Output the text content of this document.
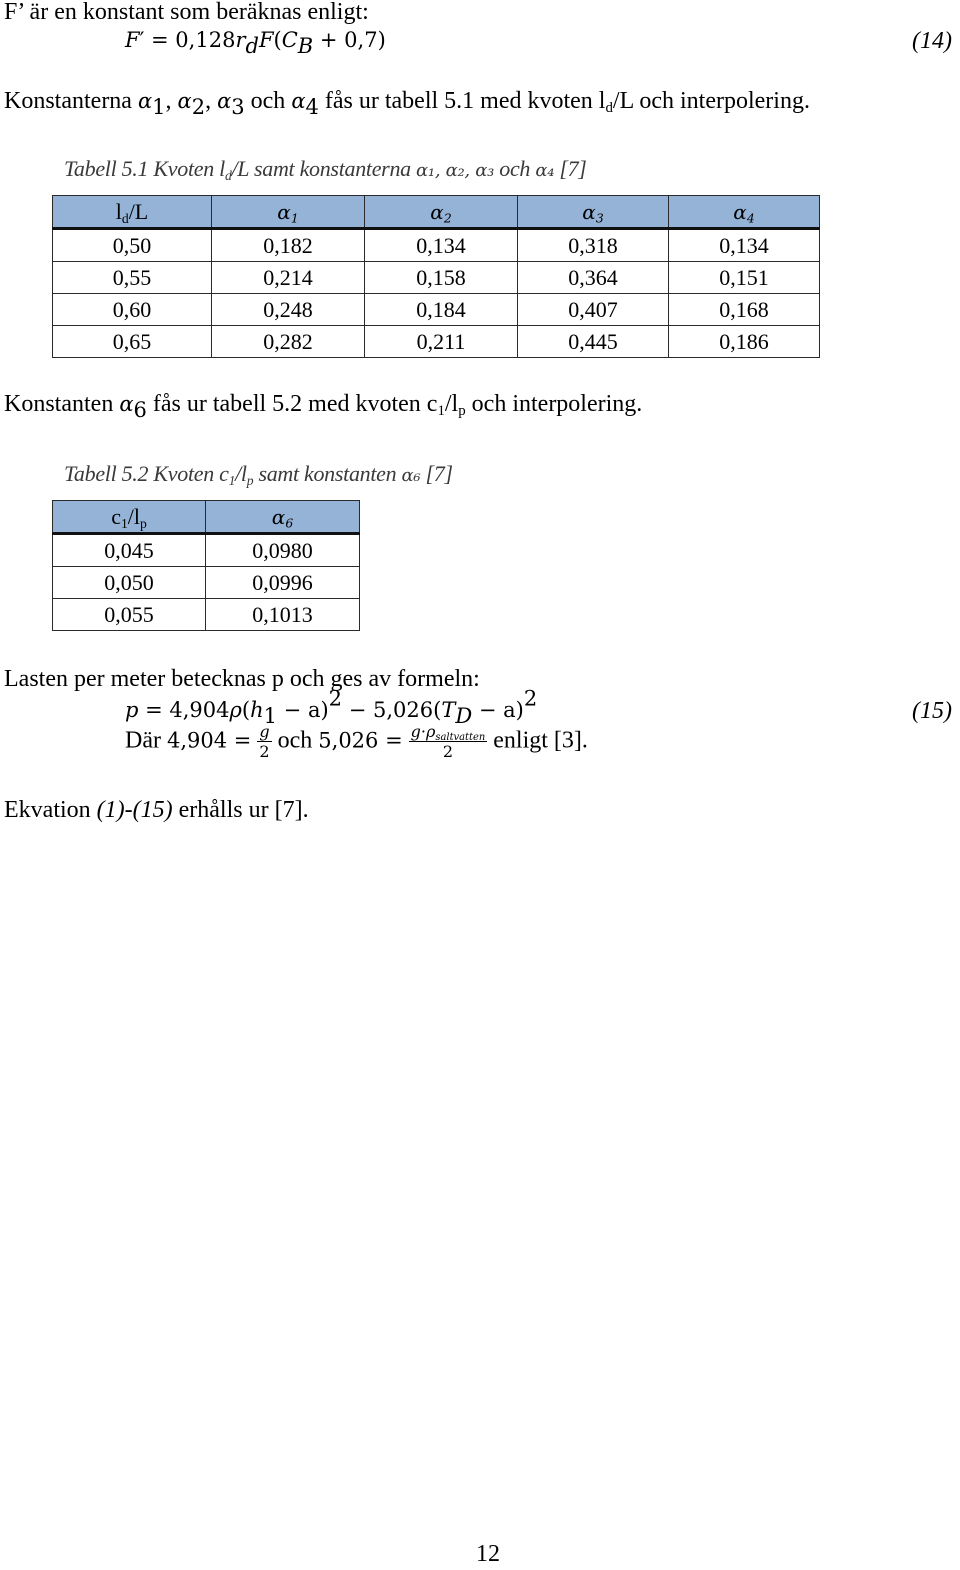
F’ är en konstant som beräknas enligt:
$F' = 0,128r_dF(C_B + 0,7)$	(14)
Konstanterna $\alpha_1$, $\alpha_2$, $\alpha_3$ och $\alpha_4$ fås ur tabell 5.1 med kvoten $l_d/L$ och interpolering.
Tabell 5.1 Kvoten $l_d/L$ samt konstanterna α₁, α₂, α₃ och α₄ [7]
$l_d/L$	$\alpha_1$	$\alpha_2$	$\alpha_3$	$\alpha_4$
0,50	0,182	0,134	0,318	0,134
0,55	0,214	0,158	0,364	0,151
0,60	0,248	0,184	0,407	0,168
0,65	0,282	0,211	0,445	0,186
Konstanten $\alpha_6$ fås ur tabell 5.2 med kvoten $c_1/l_p$ och interpolering.
Tabell 5.2 Kvoten $c_1/l_p$ samt konstanten α₆ [7]
$c_1/l_p$	$\alpha_6$
0,045	0,0980
0,050	0,0996
0,055	0,1013
Lasten per meter betecknas p och ges av formeln:
$p = 4,904\rho(h_1 - a)^2 - 5,026(T_D - a)^2$	(15)
Där $4,904 = \frac{g}{2}$ och $5,026 = \frac{g\cdot\rho_{saltvatten}}{2}$ enligt [3].
Ekvation (1)-(15) erhålls ur [7].
12
